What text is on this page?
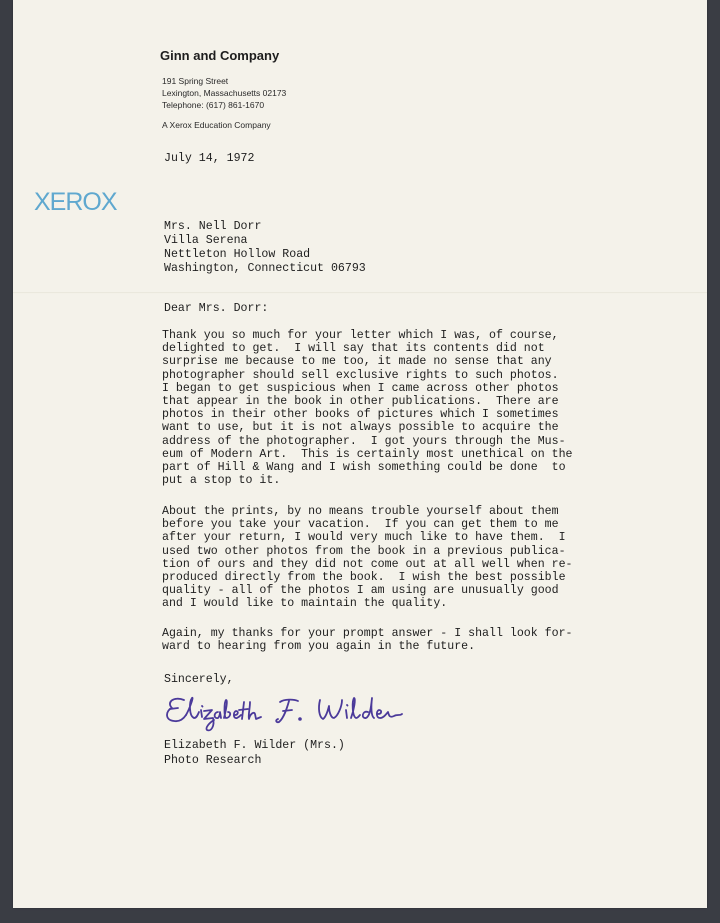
Ginn and Company
191 Spring Street
Lexington, Massachusetts 02173
Telephone: (617) 861-1670
A Xerox Education Company
XEROX
July 14, 1972
Mrs. Nell Dorr
Villa Serena
Nettleton Hollow Road
Washington, Connecticut 06793
Dear Mrs. Dorr:
Thank you so much for your letter which I was, of course,
delighted to get.  I will say that its contents did not
surprise me because to me too, it made no sense that any
photographer should sell exclusive rights to such photos.
I began to get suspicious when I came across other photos
that appear in the book in other publications.  There are
photos in their other books of pictures which I sometimes
want to use, but it is not always possible to acquire the
address of the photographer.  I got yours through the Mus-
eum of Modern Art.  This is certainly most unethical on the
part of Hill & Wang and I wish something could be done  to
put a stop to it.
About the prints, by no means trouble yourself about them
before you take your vacation.  If you can get them to me
after your return, I would very much like to have them.  I
used two other photos from the book in a previous publica-
tion of ours and they did not come out at all well when re-
produced directly from the book.  I wish the best possible
quality - all of the photos I am using are unusually good
and I would like to maintain the quality.
Again, my thanks for your prompt answer - I shall look for-
ward to hearing from you again in the future.
Sincerely,
Elizabeth F. Wilder (Mrs.)
Photo Research
